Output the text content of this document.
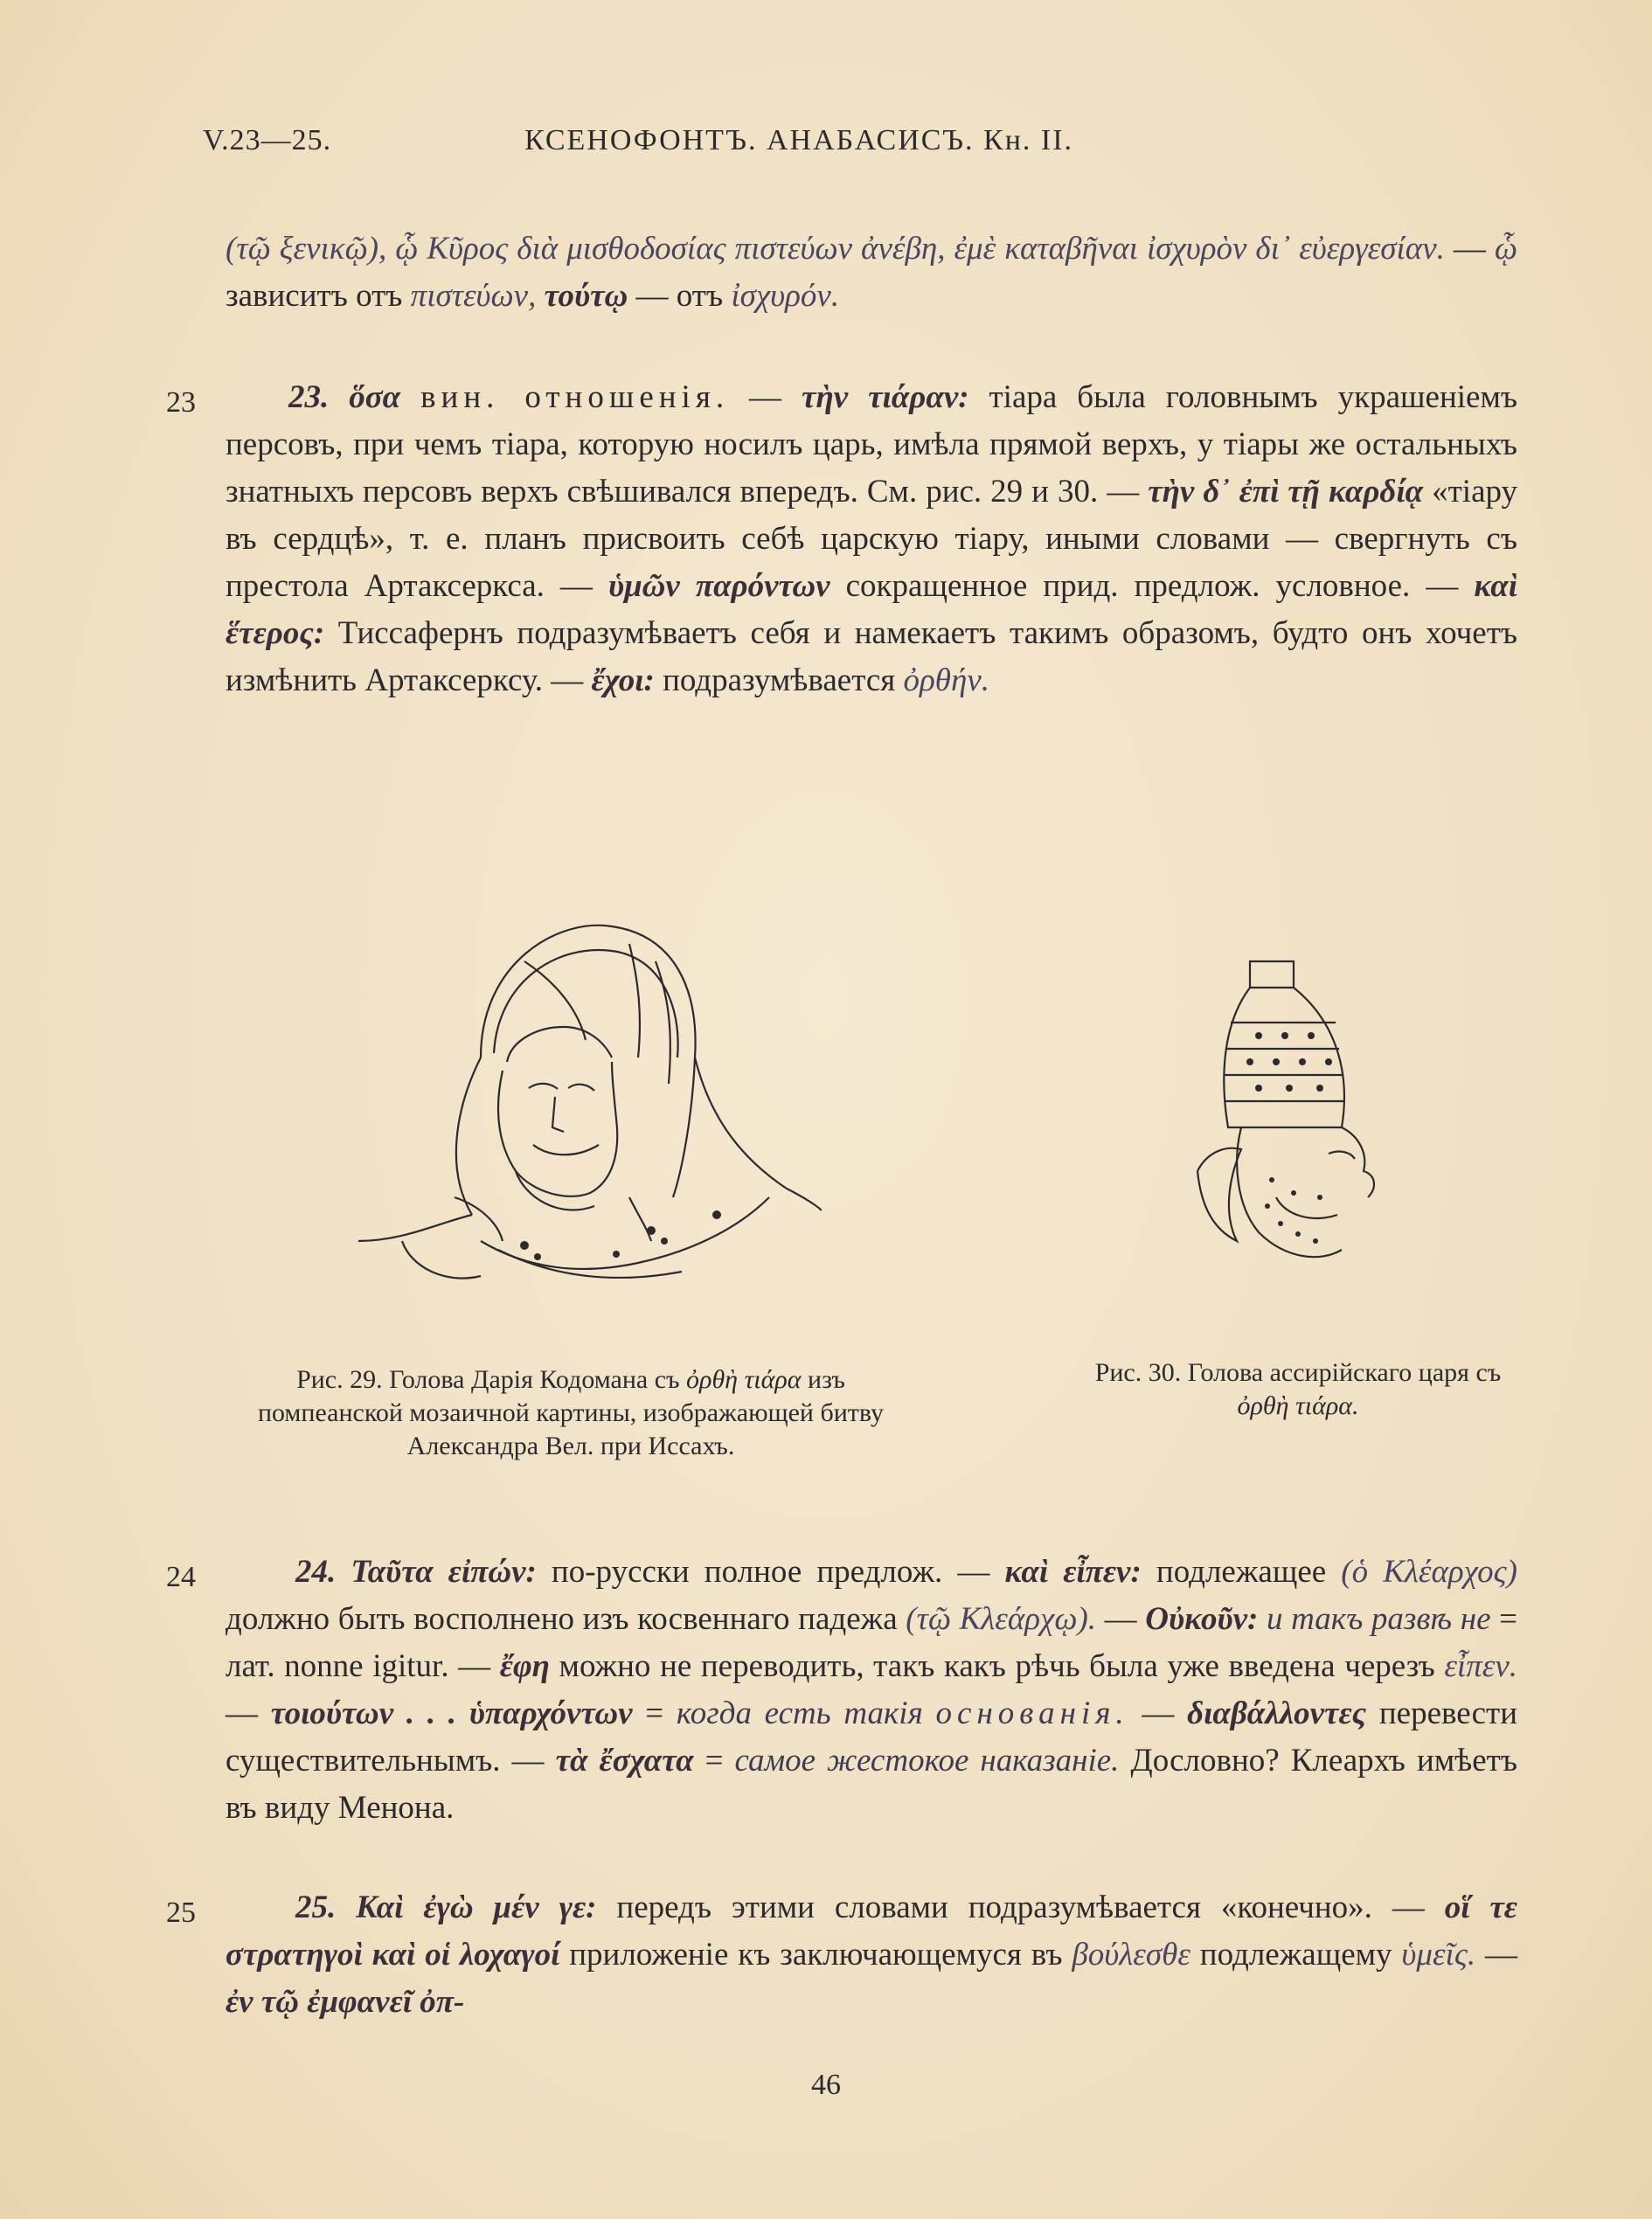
V.23—25.	КСЕНОФОНТЪ. АНАБАСИСЪ. Кн. II.
(τῷ ξενικῷ), ᾧ Κῦρος διὰ μισθοδοσίας πιστεύων ἀνέβη, ἐμὲ καταβῆναι ἰσχυρὸν δι᾽ εὐεργεσίαν. — ᾧ зависитъ отъ πιστεύων, τούτῳ — отъ ἰσχυρόν.
23	23. ὅσα вин. отношенія. — τὴν τιάραν: тіара была головнымъ украшеніемъ персовъ, при чемъ тіара, которую носилъ царь, имѣла прямой верхъ, у тіары же остальныхъ знатныхъ персовъ верхъ свѣшивался впередъ. См. рис. 29 и 30. — τὴν δ᾽ ἐπὶ τῇ καρδίᾳ «тіару въ сердцѣ», т. е. планъ присвоить себѣ царскую тіару, иными словами — свергнуть съ престола Артаксеркса. — ὑμῶν παρόντων сокращенное прид. предлож. условное. — καὶ ἕτερος: Тиссафернъ подразумѣваетъ себя и намекаетъ такимъ образомъ, будто онъ хочетъ измѣнить Артаксерксу. — ἔχοι: подразумѣвается ὀρθήν.
Рис. 29. Голова Дарія Кодомана съ ὀρθὴ τιάρα изъ помпеанской мозаичной картины, изображающей битву Александра Вел. при Иссахъ.
Рис. 30. Голова ассирійскаго царя съ ὀρθὴ τιάρα.
24	24. Ταῦτα εἰπών: по-русски полное предлож. — καὶ εἶπεν: подлежащее (ὁ Κλέαρχος) должно быть восполнено изъ косвеннаго падежа (τῷ Κλεάρχῳ). — Οὐκοῦν: и такъ развѣ не = лат. nonne igitur. — ἔφη можно не переводить, такъ какъ рѣчь была уже введена черезъ εἶπεν. — τοιούτων . . . ὑπαρχόντων = когда есть такія основанія. — διαβάλλοντες перевести существительнымъ. — τὰ ἔσχατα = самое жестокое наказаніе. Дословно? Клеархъ имѣетъ въ виду Менона.
25	25. Καὶ ἐγὼ μέν γε: передъ этими словами подразумѣвается «конечно». — οἵ τε στρατηγοὶ καὶ οἱ λοχαγοί приложеніе къ заключающемуся въ βούλεσθε подлежащему ὑμεῖς. — ἐν τῷ ἐμφανεῖ ὀπ-
46
